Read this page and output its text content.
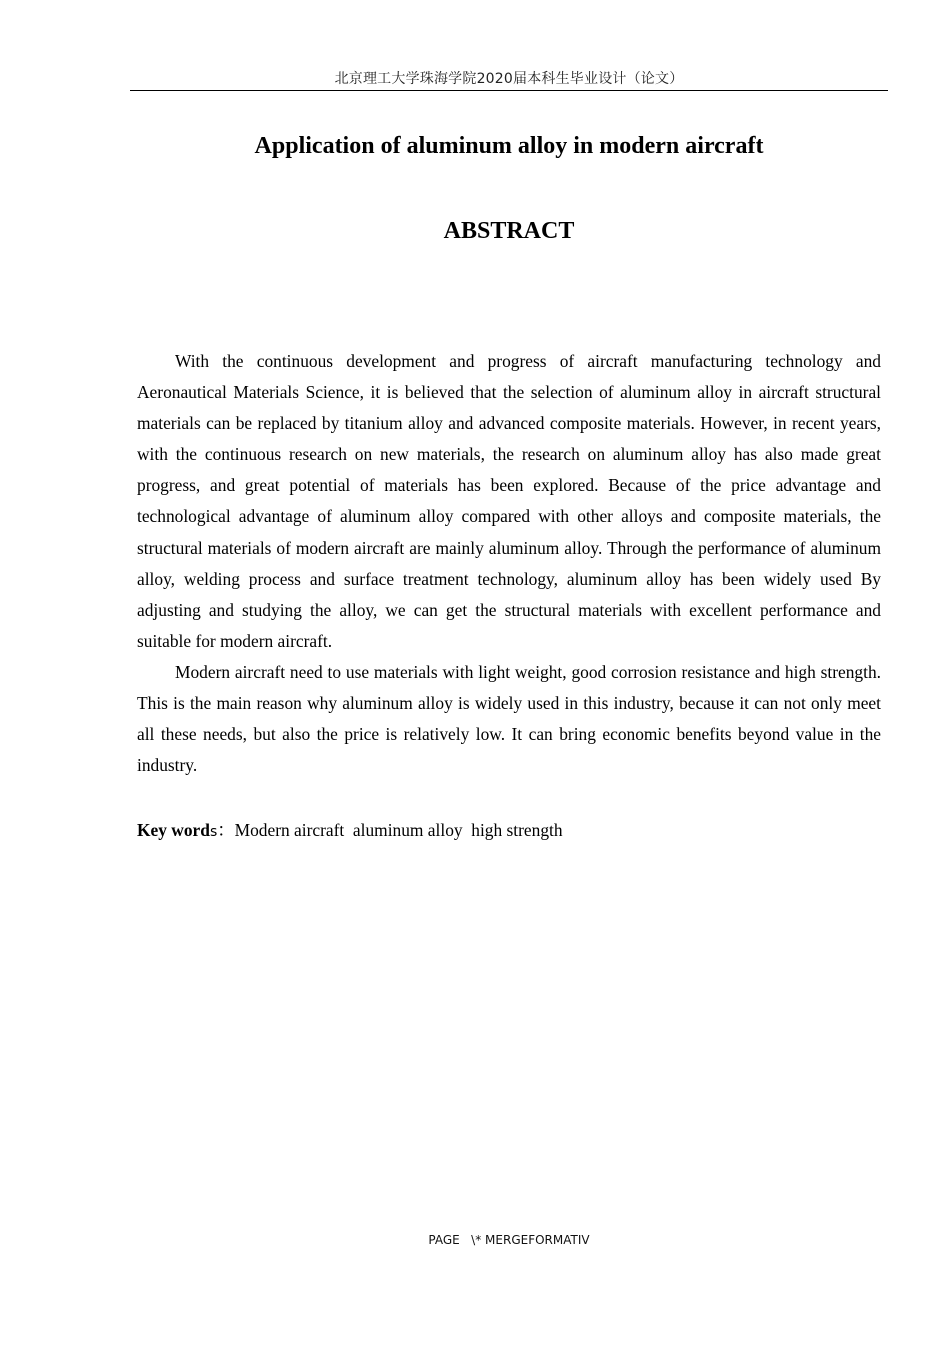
北京理工大学珠海学院2020届本科生毕业设计（论文）
Application of aluminum alloy in modern aircraft
ABSTRACT

With the continuous development and progress of aircraft manufacturing technology and Aeronautical Materials Science, it is believed that the selection of aluminum alloy in aircraft structural materials can be replaced by titanium alloy and advanced composite materials. However, in recent years, with the continuous research on new materials, the research on aluminum alloy has also made great progress, and great potential of materials has been explored. Because of the price advantage and technological advantage of aluminum alloy compared with other alloys and composite materials, the structural materials of modern aircraft are mainly aluminum alloy. Through the performance of aluminum alloy, welding process and surface treatment technology, aluminum alloy has been widely used By adjusting and studying the alloy, we can get the structural materials with excellent performance and suitable for modern aircraft.

Modern aircraft need to use materials with light weight, good corrosion resistance and high strength. This is the main reason why aluminum alloy is widely used in this industry, because it can not only meet all these needs, but also the price is relatively low. It can bring economic benefits beyond value in the industry.

Key words：Modern aircraft  aluminum alloy  high strength
PAGE   \* MERGEFORMATIV
